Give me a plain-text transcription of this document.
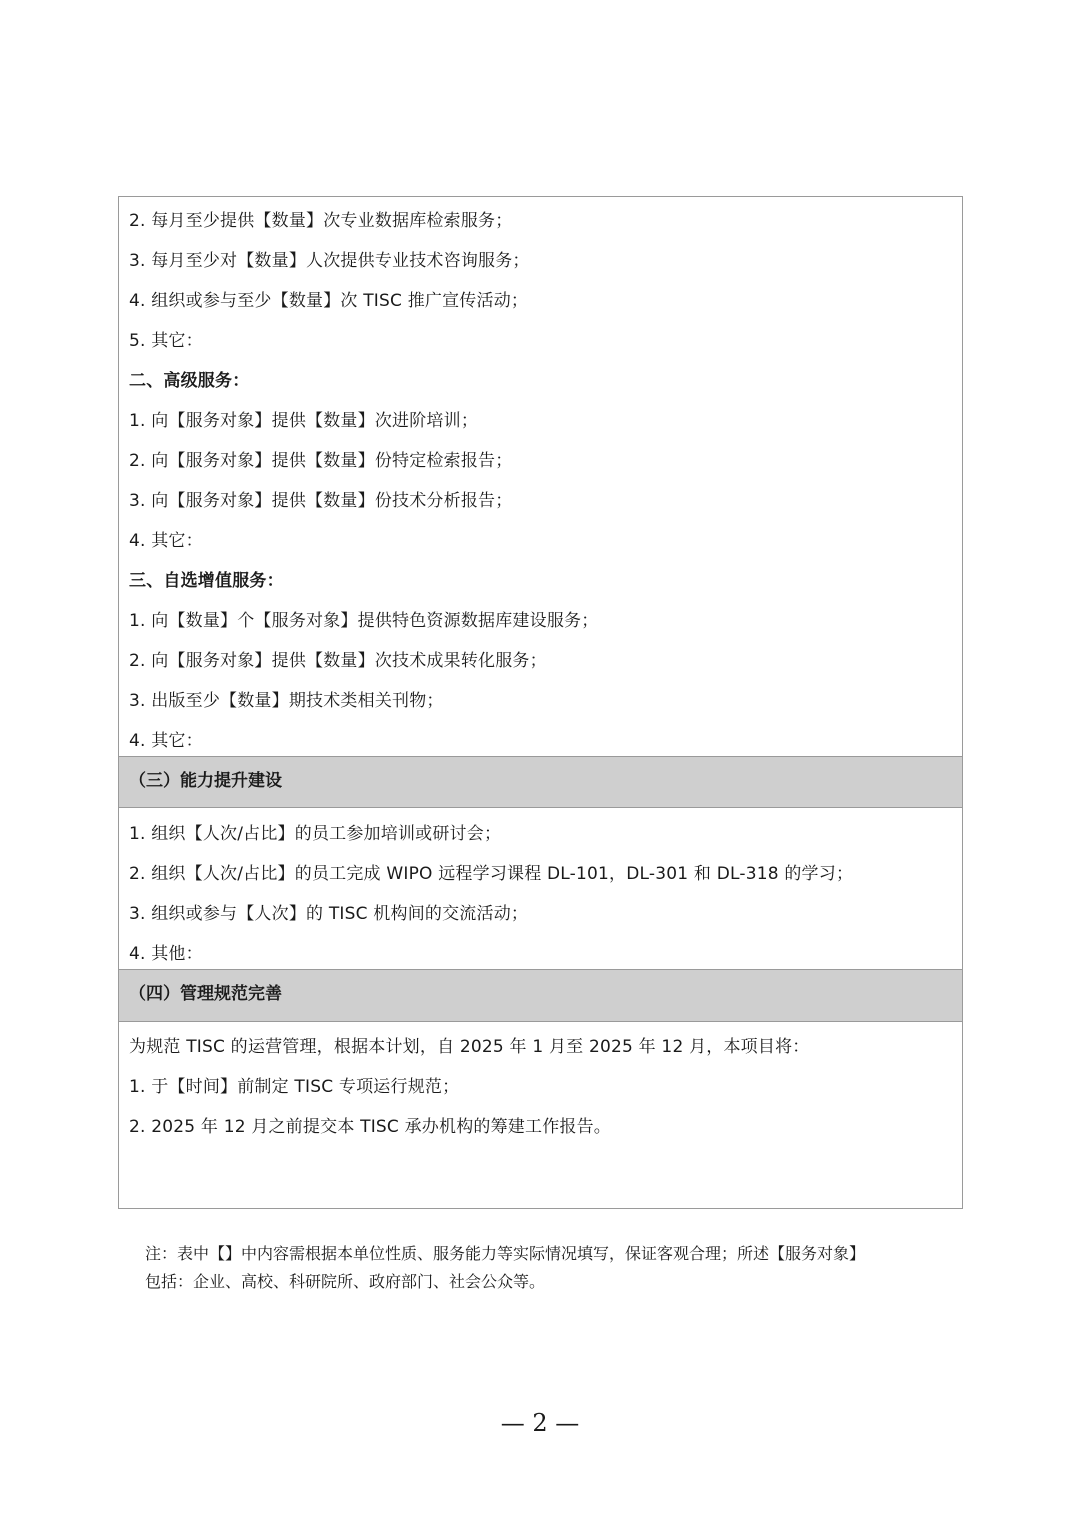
2. 每月至少提供【数量】次专业数据库检索服务；
3. 每月至少对【数量】人次提供专业技术咨询服务；
4. 组织或参与至少【数量】次 TISC 推广宣传活动；
5. 其它：
二、高级服务：
1. 向【服务对象】提供【数量】次进阶培训；
2. 向【服务对象】提供【数量】份特定检索报告；
3. 向【服务对象】提供【数量】份技术分析报告；
4. 其它：
三、自选增值服务：
1. 向【数量】个【服务对象】提供特色资源数据库建设服务；
2. 向【服务对象】提供【数量】次技术成果转化服务；
3. 出版至少【数量】期技术类相关刊物；
4. 其它：
（三）能力提升建设
1. 组织【人次/占比】的员工参加培训或研讨会；
2. 组织【人次/占比】的员工完成 WIPO 远程学习课程 DL-101，DL-301 和 DL-318 的学习；
3. 组织或参与【人次】的 TISC 机构间的交流活动；
4. 其他：
（四）管理规范完善
为规范 TISC 的运营管理，根据本计划，自 2025 年 1 月至 2025 年 12 月，本项目将：
1. 于【时间】前制定 TISC 专项运行规范；
2. 2025 年 12 月之前提交本 TISC 承办机构的筹建工作报告。
注：表中【】中内容需根据本单位性质、服务能力等实际情况填写，保证客观合理；所述【服务对象】
包括：企业、高校、科研院所、政府部门、社会公众等。
— 2 —
